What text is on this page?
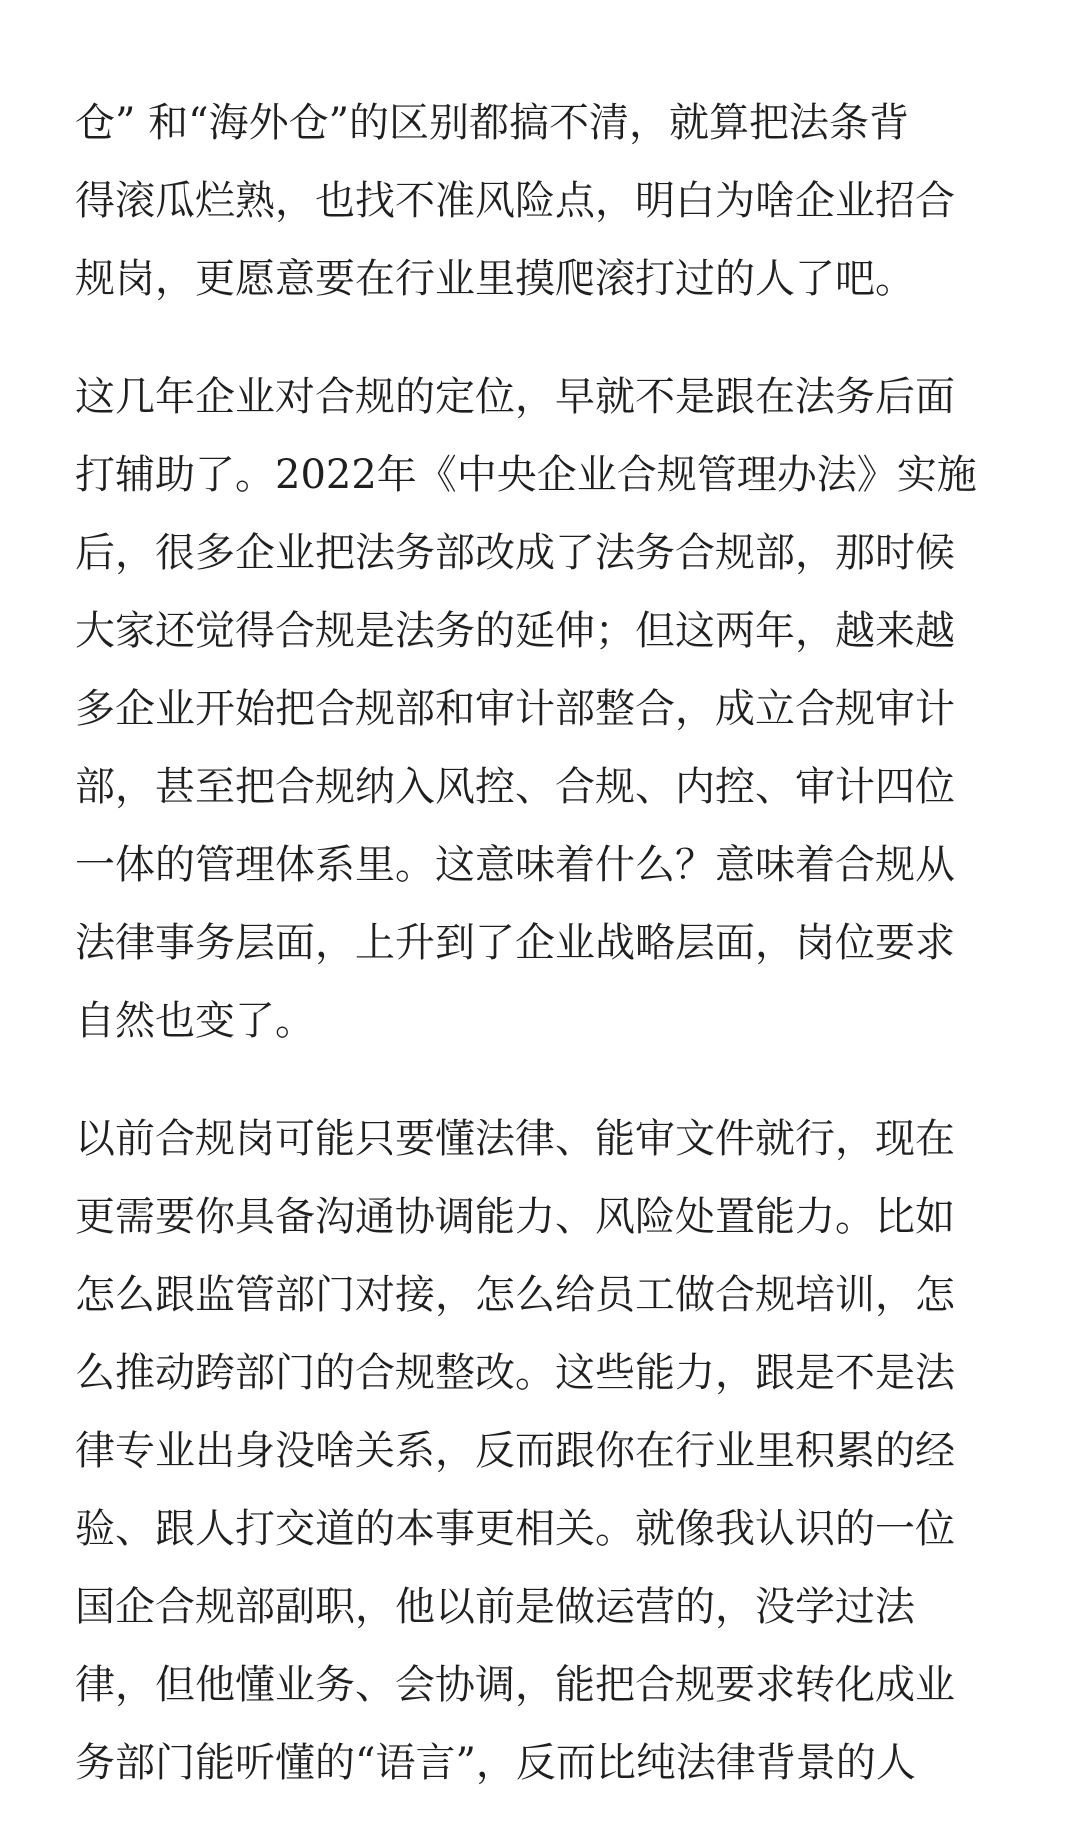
仓” 和“海外仓”的区别都搞不清，就算把法条背
得滚瓜烂熟，也找不准风险点，明白为啥企业招合
规岗，更愿意要在行业里摸爬滚打过的人了吧。

这几年企业对合规的定位，早就不是跟在法务后面
打辅助了。2022年《中央企业合规管理办法》实施
后，很多企业把法务部改成了法务合规部，那时候
大家还觉得合规是法务的延伸；但这两年，越来越
多企业开始把合规部和审计部整合，成立合规审计
部，甚至把合规纳入风控、合规、内控、审计四位
一体的管理体系里。这意味着什么？意味着合规从
法律事务层面，上升到了企业战略层面，岗位要求
自然也变了。

以前合规岗可能只要懂法律、能审文件就行，现在
更需要你具备沟通协调能力、风险处置能力。比如
怎么跟监管部门对接，怎么给员工做合规培训，怎
么推动跨部门的合规整改。这些能力，跟是不是法
律专业出身没啥关系，反而跟你在行业里积累的经
验、跟人打交道的本事更相关。就像我认识的一位
国企合规部副职，他以前是做运营的，没学过法
律，但他懂业务、会协调，能把合规要求转化成业
务部门能听懂的“语言”，反而比纯法律背景的人
